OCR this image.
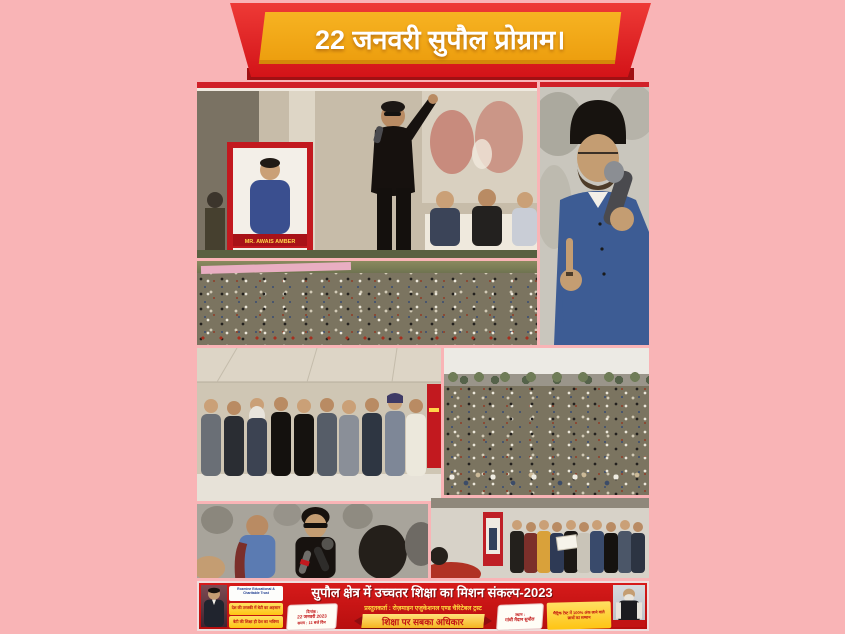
22 जनवरी सुपौल प्रोग्राम।
MR. AWAIS AMBER
Rozmine Educational & Charitable Trust
देश की तरक्की में बेटी का अहसान
बेटी की शिक्षा ही देश का भविष्य
सुपौल क्षेत्र में उच्चतर शिक्षा का मिशन संकल्प-2023
दिनांक :
22 जनवरी 2023
समय : 11 बजे दिन
प्रस्तुतकर्ता : रोज़माइन एजुकेशनल एण्ड चैरिटेबल ट्रस्ट
शिक्षा पर सबका अधिकार
स्थान :
गांधी मैदान सुपौल
मैट्रिक टेस्ट में 100% अंक लाने वाले छात्रों का सम्मान
